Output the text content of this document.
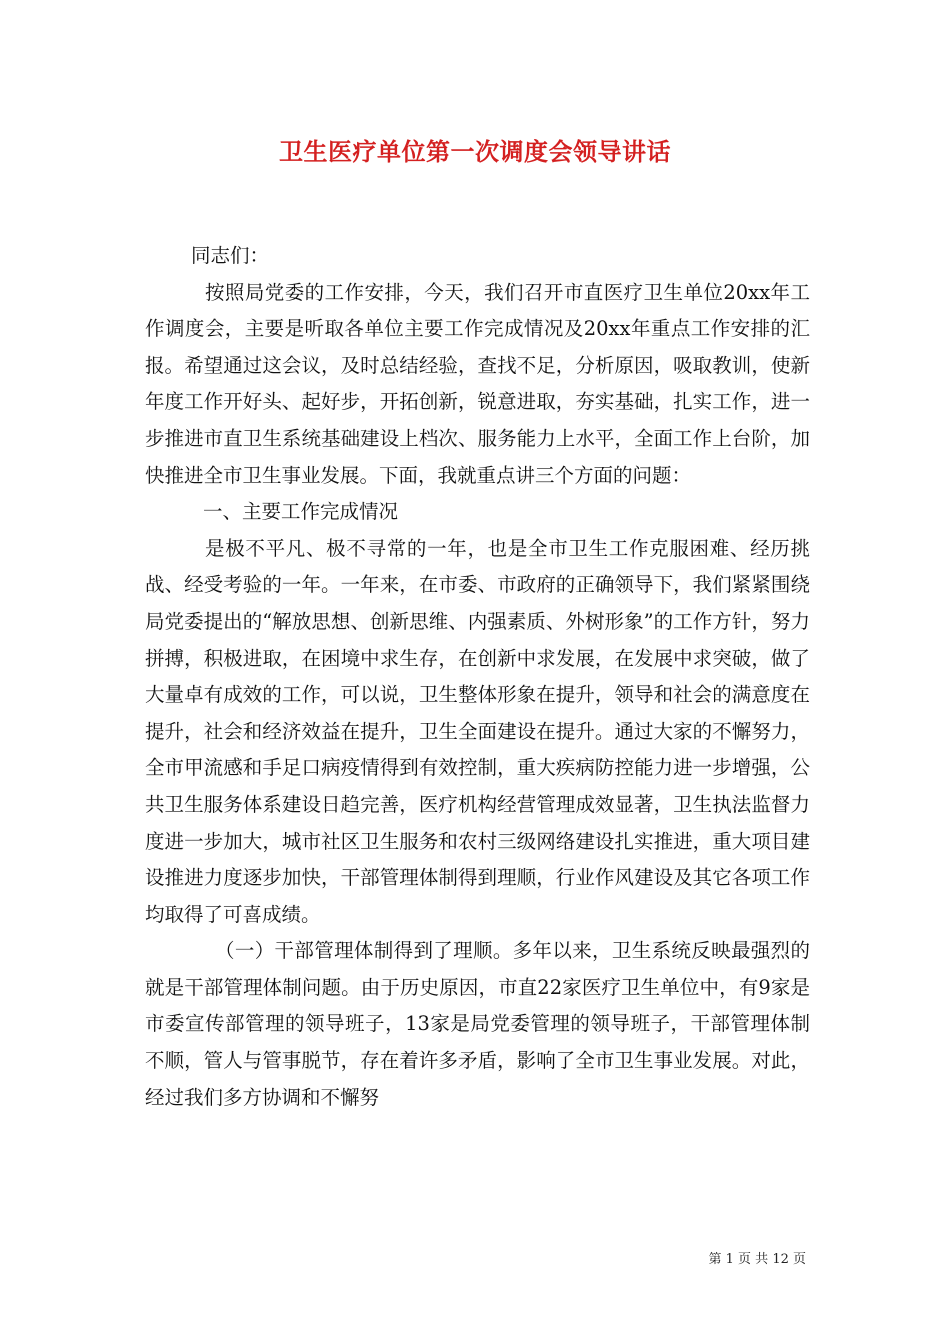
卫生医疗单位第一次调度会领导讲话

同志们：

按照局党委的工作安排，今天，我们召开市直医疗卫生单位20xx年工作调度会，主要是听取各单位主要工作完成情况及20xx年重点工作安排的汇报。希望通过这会议，及时总结经验，查找不足，分析原因，吸取教训，使新年度工作开好头、起好步，开拓创新，锐意进取，夯实基础，扎实工作，进一步推进市直卫生系统基础建设上档次、服务能力上水平，全面工作上台阶，加快推进全市卫生事业发展。下面，我就重点讲三个方面的问题：

一、主要工作完成情况

是极不平凡、极不寻常的一年，也是全市卫生工作克服困难、经历挑战、经受考验的一年。一年来，在市委、市政府的正确领导下，我们紧紧围绕局党委提出的“解放思想、创新思维、内强素质、外树形象”的工作方针，努力拼搏，积极进取，在困境中求生存，在创新中求发展，在发展中求突破，做了大量卓有成效的工作，可以说，卫生整体形象在提升，领导和社会的满意度在提升，社会和经济效益在提升，卫生全面建设在提升。通过大家的不懈努力，全市甲流感和手足口病疫情得到有效控制，重大疾病防控能力进一步增强，公共卫生服务体系建设日趋完善，医疗机构经营管理成效显著，卫生执法监督力度进一步加大，城市社区卫生服务和农村三级网络建设扎实推进，重大项目建设推进力度逐步加快，干部管理体制得到理顺，行业作风建设及其它各项工作均取得了可喜成绩。

（一）干部管理体制得到了理顺。多年以来，卫生系统反映最强烈的就是干部管理体制问题。由于历史原因，市直22家医疗卫生单位中，有9家是市委宣传部管理的领导班子，13家是局党委管理的领导班子，干部管理体制不顺，管人与管事脱节，存在着许多矛盾，影响了全市卫生事业发展。对此，经过我们多方协调和不懈努

第 1 页 共 12 页
